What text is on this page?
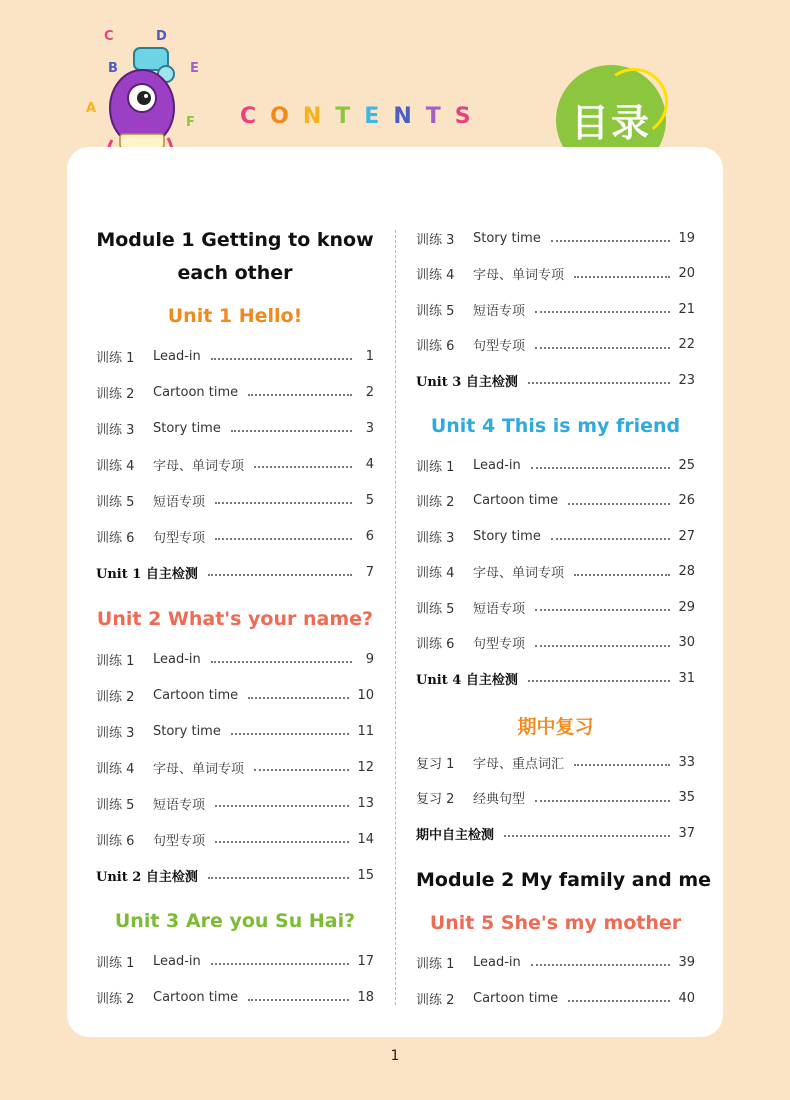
C	D
B	E
A
F CONTENTS	目录
Module 1 Getting to know
each other
Unit 1 Hello!
训练 1	Lead-in	1
训练 2	Cartoon time	2
训练 3	Story time	3
训练 4	字母、单词专项	4
训练 5	短语专项	5
训练 6	句型专项	6
Unit 1 自主检测	7
Unit 2 What's your name?
训练 1	Lead-in	9
训练 2	Cartoon time	10
训练 3	Story time	11
训练 4	字母、单词专项	12
训练 5	短语专项	13
训练 6	句型专项	14
Unit 2 自主检测	15
Unit 3 Are you Su Hai?
训练 1	Lead-in	17
训练 2	Cartoon time	18
训练 3	Story time	19
训练 4	字母、单词专项	20
训练 5	短语专项	21
训练 6	句型专项	22
Unit 3 自主检测	23
Unit 4 This is my friend
训练 1	Lead-in	25
训练 2	Cartoon time	26
训练 3	Story time	27
训练 4	字母、单词专项	28
训练 5	短语专项	29
训练 6	句型专项	30
Unit 4 自主检测	31
期中复习
复习 1	字母、重点词汇	33
复习 2	经典句型	35
期中自主检测	37
Module 2 My family and me
Unit 5 She's my mother
训练 1	Lead-in	39
训练 2	Cartoon time	40
1
